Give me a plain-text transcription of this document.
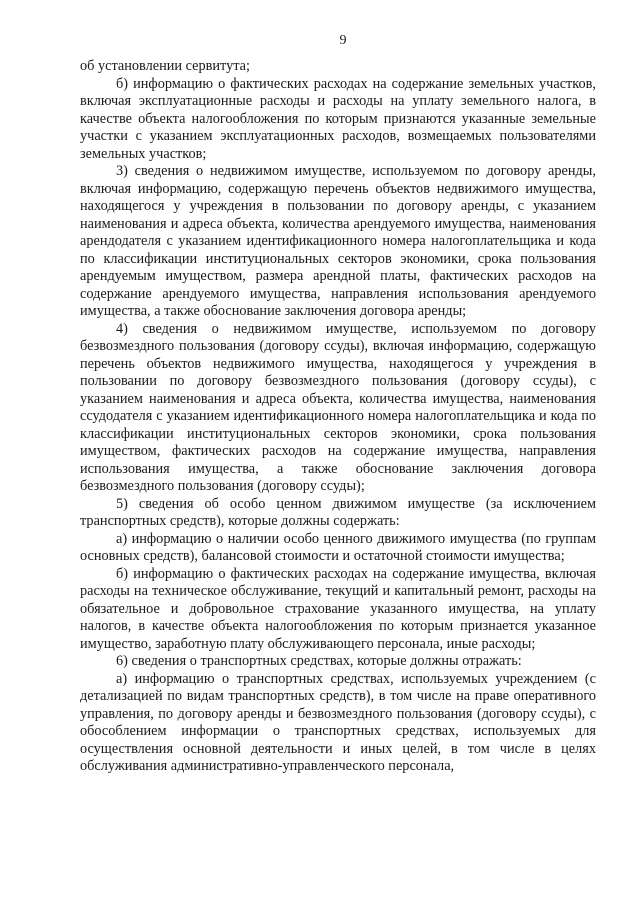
9

об установлении сервитута;

б) информацию о фактических расходах на содержание земельных участков, включая эксплуатационные расходы и расходы на уплату земельного налога, в качестве объекта налогообложения по которым признаются указанные земельные участки с указанием эксплуатационных расходов, возмещаемых пользователями земельных участков;

3) сведения о недвижимом имуществе, используемом по договору аренды, включая информацию, содержащую перечень объектов недвижимого имущества, находящегося у учреждения в пользовании по договору аренды, с указанием наименования и адреса объекта, количества арендуемого имущества, наименования арендодателя с указанием идентификационного номера налогоплательщика и кода по классификации институциональных секторов экономики, срока пользования арендуемым имуществом, размера арендной платы, фактических расходов на содержание арендуемого имущества, направления использования арендуемого имущества, а также обоснование заключения договора аренды;

4) сведения о недвижимом имуществе, используемом по договору безвозмездного пользования (договору ссуды), включая информацию, содержащую перечень объектов недвижимого имущества, находящегося у учреждения в пользовании по договору безвозмездного пользования (договору ссуды), с указанием наименования и адреса объекта, количества имущества, наименования ссудодателя с указанием идентификационного номера налогоплательщика и кода по классификации институциональных секторов экономики, срока пользования имуществом, фактических расходов на содержание имущества, направления использования имущества, а также обоснование заключения договора безвозмездного пользования (договору ссуды);

5) сведения об особо ценном движимом имуществе (за исключением транспортных средств), которые должны содержать:

а) информацию о наличии особо ценного движимого имущества (по группам основных средств), балансовой стоимости и остаточной стоимости имущества;

б) информацию о фактических расходах на содержание имущества, включая расходы на техническое обслуживание, текущий и капитальный ремонт, расходы на обязательное и добровольное страхование указанного имущества, на уплату налогов, в качестве объекта налогообложения по которым признается указанное имущество, заработную плату обслуживающего персонала, иные расходы;

6) сведения о транспортных средствах, которые должны отражать:

а) информацию о транспортных средствах, используемых учреждением (с детализацией по видам транспортных средств), в том числе на праве оперативного управления, по договору аренды и безвозмездного пользования (договору ссуды), с обособлением информации о транспортных средствах, используемых для осуществления основной деятельности и иных целей, в том числе в целях обслуживания административно-управленческого персонала,
